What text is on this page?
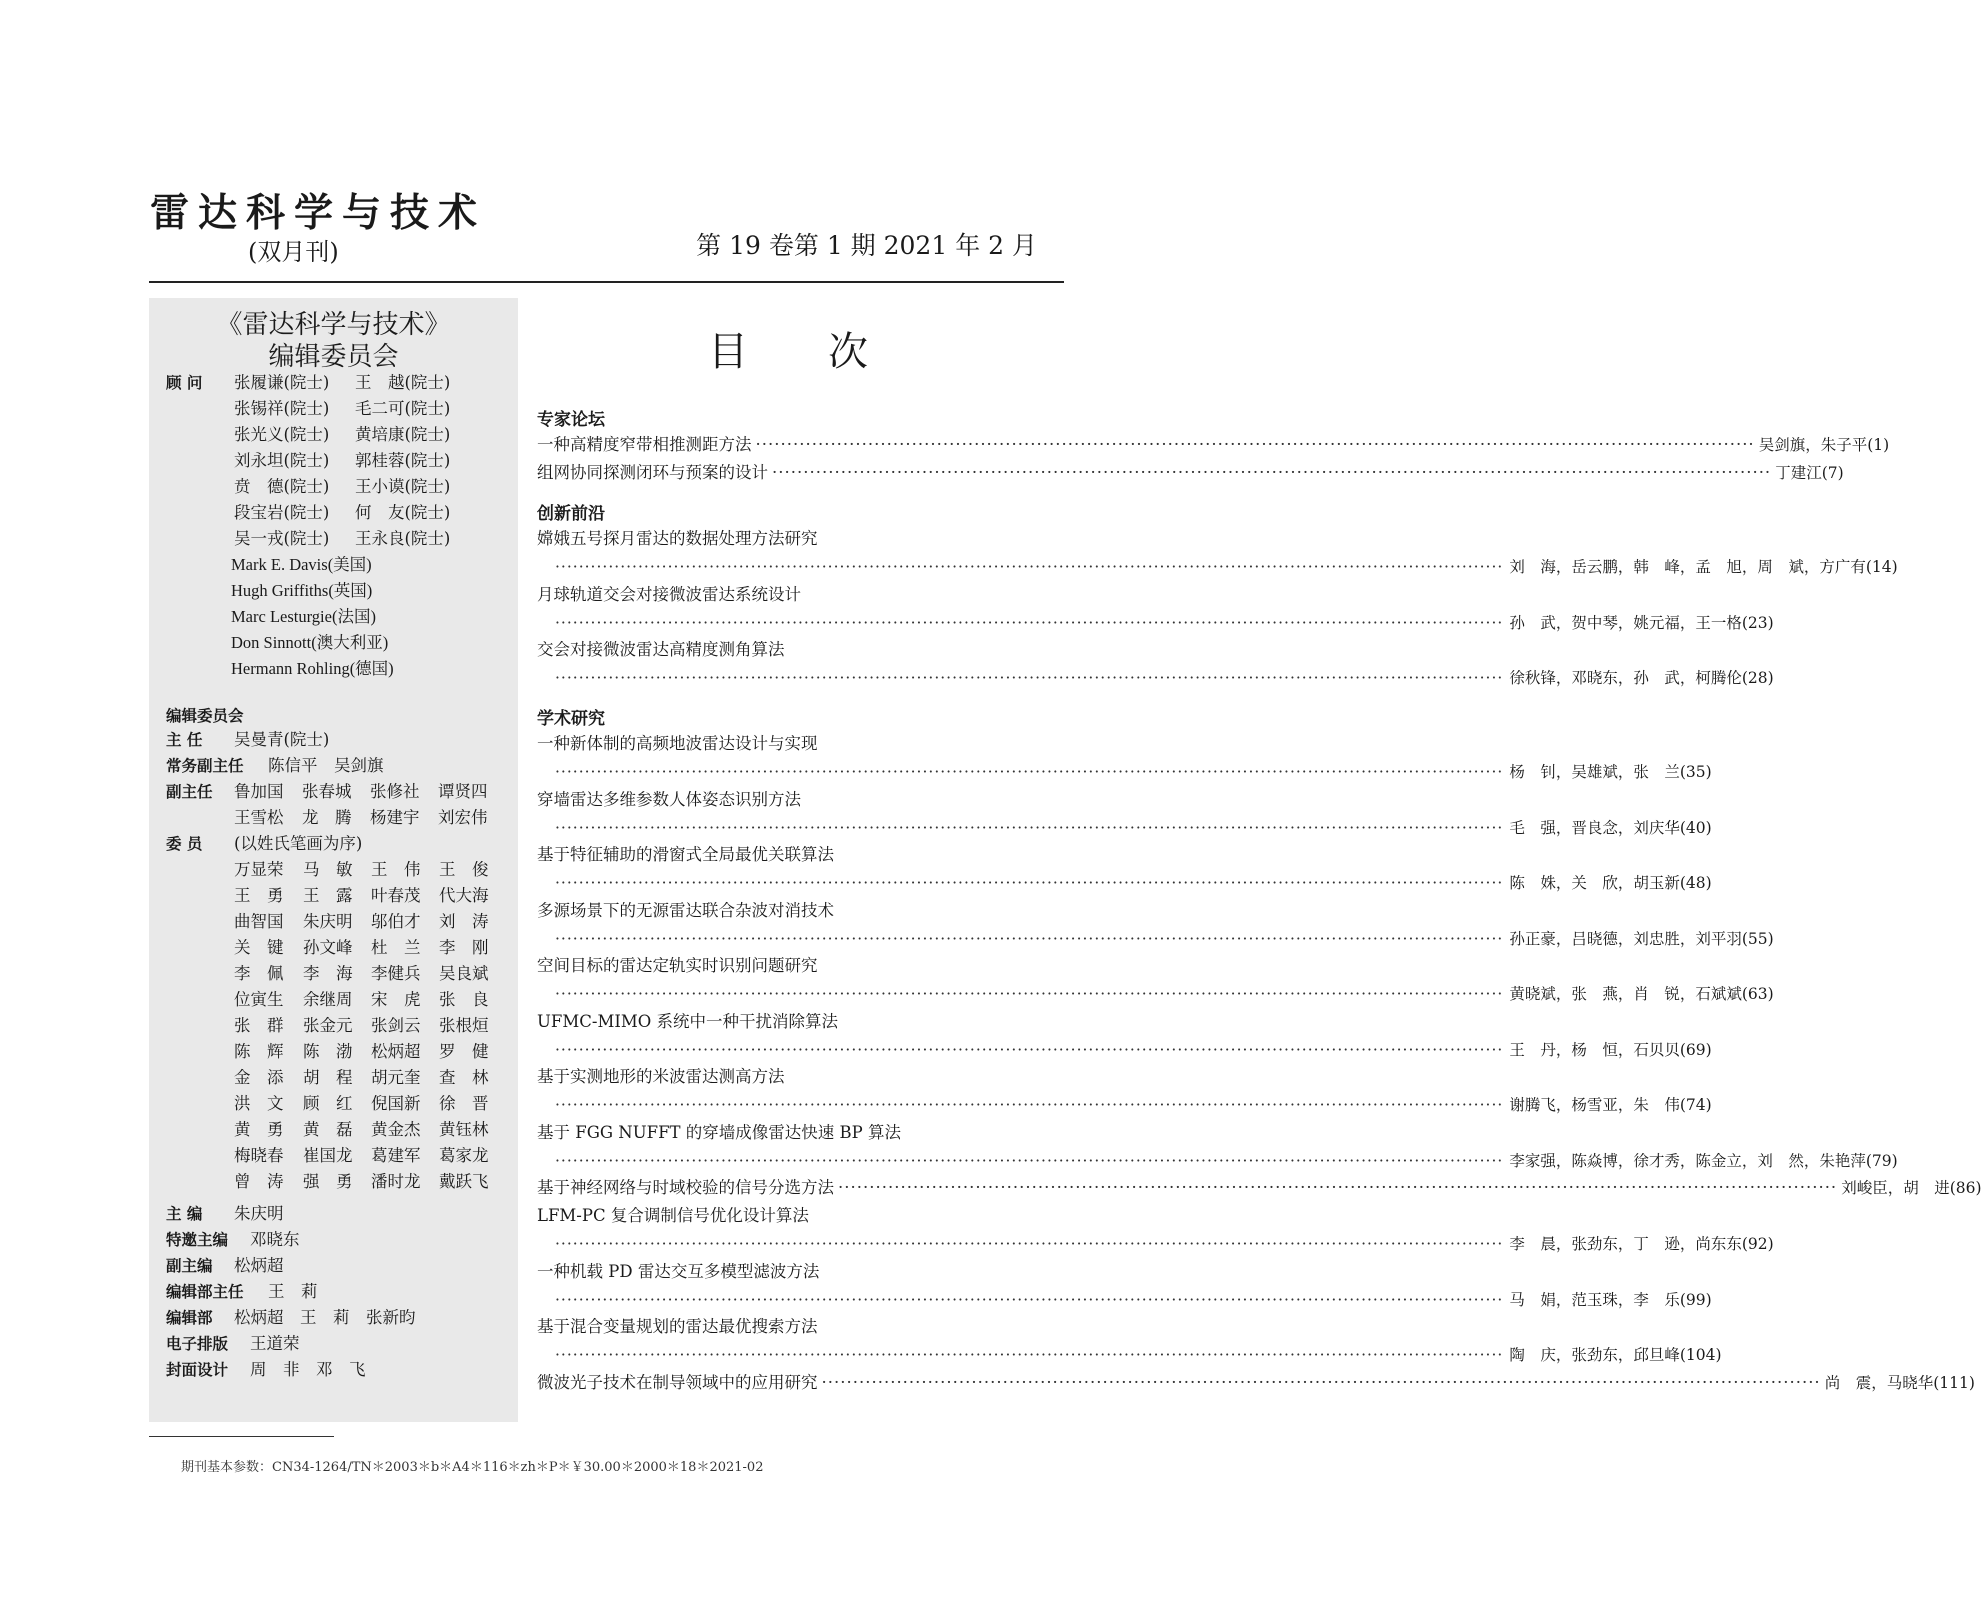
雷达科学与技术
(双月刊)	第 19 卷第 1 期 2021 年 2 月
《雷达科学与技术》
编辑委员会
顾 问 张履谦(院士) 王　越(院士)
张锡祥(院士) 毛二可(院士)
张光义(院士) 黄培康(院士)
刘永坦(院士) 郭桂蓉(院士)
贲　德(院士) 王小谟(院士)
段宝岩(院士) 何　友(院士)
吴一戎(院士) 王永良(院士)
Mark E. Davis(美国)
Hugh Griffiths(英国)
Marc Lesturgie(法国)
Don Sinnott(澳大利亚)
Hermann Rohling(德国)
编辑委员会
主 任 吴曼青(院士)
常务副主任 陈信平　吴剑旗
副主任 鲁加国 张春城 张修社 谭贤四
王雪松 龙　腾 杨建宇 刘宏伟
委 员 (以姓氏笔画为序)
万显荣 马　敏 王　伟 王　俊
王　勇 王　露 叶春茂 代大海
曲智国 朱庆明 邬伯才 刘　涛
关　键 孙文峰 杜　兰 李　刚
李　佩 李　海 李健兵 吴良斌
位寅生 余继周 宋　虎 张　良
张　群 张金元 张剑云 张根烜
陈　辉 陈　渤 松炳超 罗　健
金　添 胡　程 胡元奎 查　林
洪　文 顾　红 倪国新 徐　晋
黄　勇 黄　磊 黄金杰 黄钰林
梅晓春 崔国龙 葛建军 葛家龙
曾　涛 强　勇 潘时龙 戴跃飞
主 编 朱庆明
特邀主编 邓晓东
副主编 松炳超
编辑部主任 王　莉
编辑部 松炳超　王　莉　张新昀
电子排版 王道荣
封面设计 周　非　邓　飞
目次
专家论坛
一种高精度窄带相推测距方法 ································································································································································ 吴剑旗，朱子平(1)
组网协同探测闭环与预案的设计 ································································································································································ 丁建江(7)
创新前沿
嫦娥五号探月雷达的数据处理方法研究
································································································································································ 刘　海，岳云鹏，韩　峰，孟　旭，周　斌，方广有(14)
月球轨道交会对接微波雷达系统设计
································································································································································ 孙　武，贺中琴，姚元福，王一格(23)
交会对接微波雷达高精度测角算法
································································································································································ 徐秋锋，邓晓东，孙　武，柯腾伦(28)
学术研究
一种新体制的高频地波雷达设计与实现
································································································································································ 杨　钊，吴雄斌，张　兰(35)
穿墙雷达多维参数人体姿态识别方法
································································································································································ 毛　强，晋良念，刘庆华(40)
基于特征辅助的滑窗式全局最优关联算法
································································································································································ 陈　姝，关　欣，胡玉新(48)
多源场景下的无源雷达联合杂波对消技术
································································································································································ 孙正豪，吕晓德，刘忠胜，刘平羽(55)
空间目标的雷达定轨实时识别问题研究
································································································································································ 黄晓斌，张　燕，肖　锐，石斌斌(63)
UFMC-MIMO 系统中一种干扰消除算法
································································································································································ 王　丹，杨　恒，石贝贝(69)
基于实测地形的米波雷达测高方法
································································································································································ 谢腾飞，杨雪亚，朱　伟(74)
基于 FGG NUFFT 的穿墙成像雷达快速 BP 算法
································································································································································ 李家强，陈焱博，徐才秀，陈金立，刘　然，朱艳萍(79)
基于神经网络与时域校验的信号分选方法 ································································································································································ 刘峻臣，胡　进(86)
LFM-PC 复合调制信号优化设计算法
································································································································································ 李　晨，张劲东，丁　逊，尚东东(92)
一种机载 PD 雷达交互多模型滤波方法
································································································································································ 马　娟，范玉珠，李　乐(99)
基于混合变量规划的雷达最优搜索方法
································································································································································ 陶　庆，张劲东，邱旦峰(104)
微波光子技术在制导领域中的应用研究 ································································································································································ 尚　震，马晓华(111)
期刊基本参数：CN34-1264/TN＊2003＊b＊A4＊116＊zh＊P＊￥30.00＊2000＊18＊2021-02
